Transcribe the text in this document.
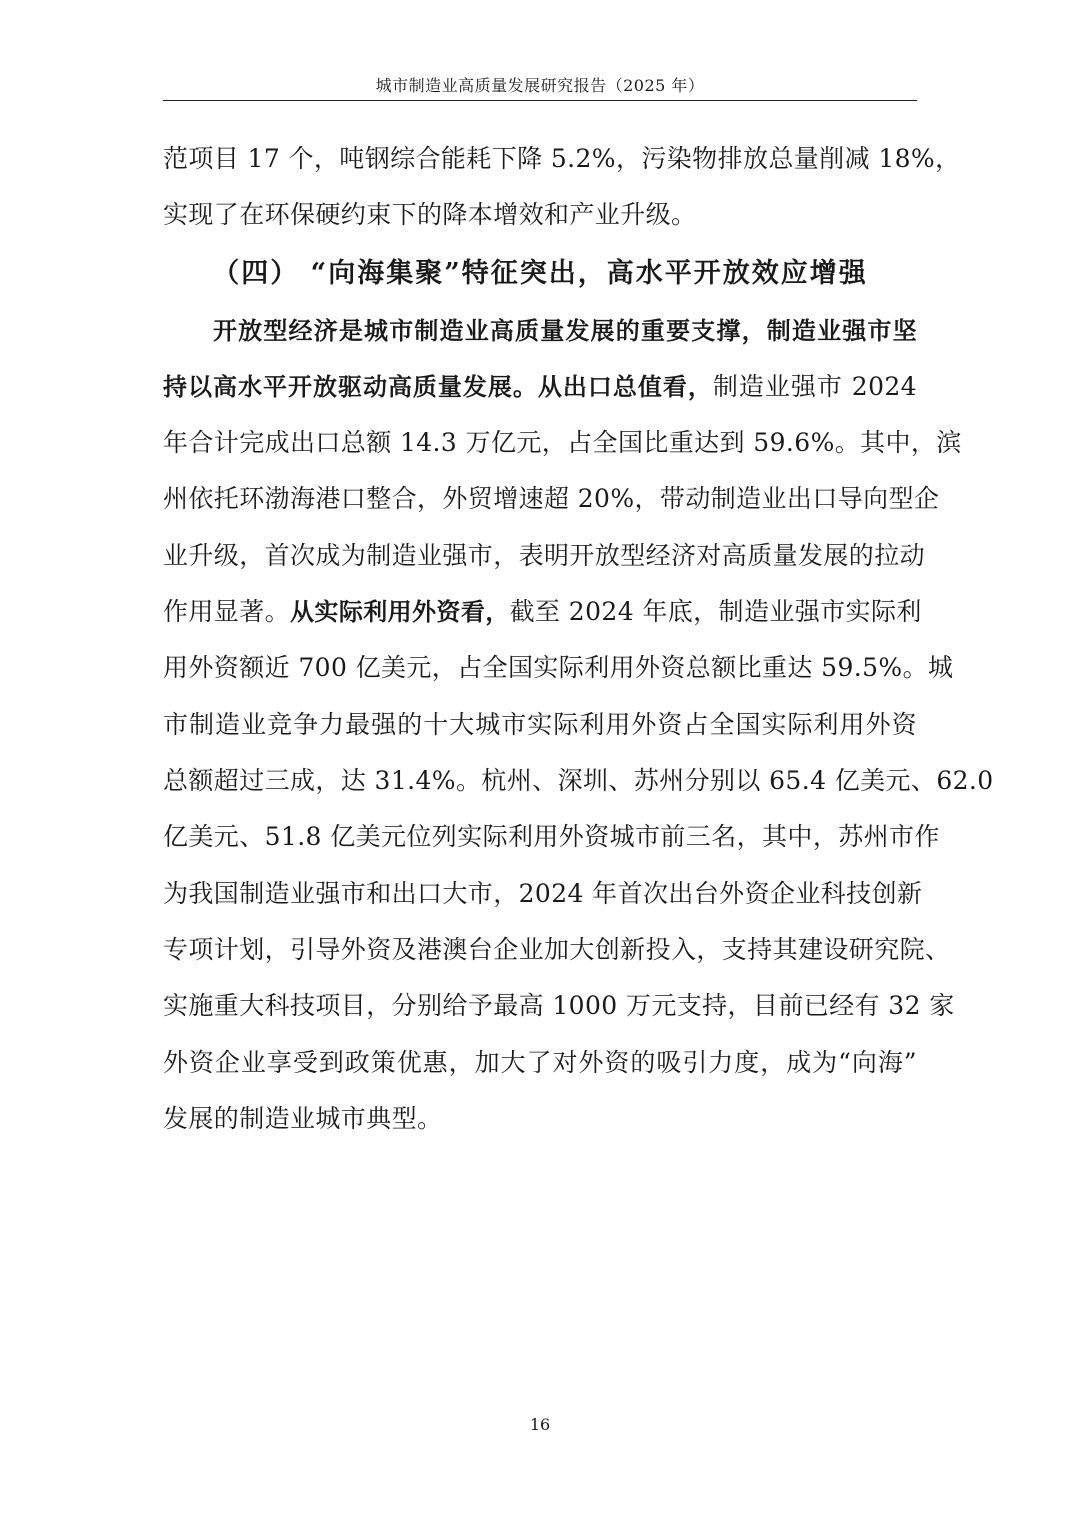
城市制造业高质量发展研究报告（2025 年）
范项目 17 个，吨钢综合能耗下降 5.2%，污染物排放总量削减 18%，
实现了在环保硬约束下的降本增效和产业升级。
（四） “向海集聚”特征突出，高水平开放效应增强
开放型经济是城市制造业高质量发展的重要支撑，制造业强市坚
持以高水平开放驱动高质量发展。从出口总值看，制造业强市 2024
年合计完成出口总额 14.3 万亿元，占全国比重达到 59.6%。其中，滨
州依托环渤海港口整合，外贸增速超 20%，带动制造业出口导向型企
业升级，首次成为制造业强市，表明开放型经济对高质量发展的拉动
作用显著。从实际利用外资看，截至 2024 年底，制造业强市实际利
用外资额近 700 亿美元，占全国实际利用外资总额比重达 59.5%。城
市制造业竞争力最强的十大城市实际利用外资占全国实际利用外资
总额超过三成，达 31.4%。杭州、深圳、苏州分别以 65.4 亿美元、62.0
亿美元、51.8 亿美元位列实际利用外资城市前三名，其中，苏州市作
为我国制造业强市和出口大市，2024 年首次出台外资企业科技创新
专项计划，引导外资及港澳台企业加大创新投入，支持其建设研究院、
实施重大科技项目，分别给予最高 1000 万元支持，目前已经有 32 家
外资企业享受到政策优惠，加大了对外资的吸引力度，成为“向海”
发展的制造业城市典型。
16
